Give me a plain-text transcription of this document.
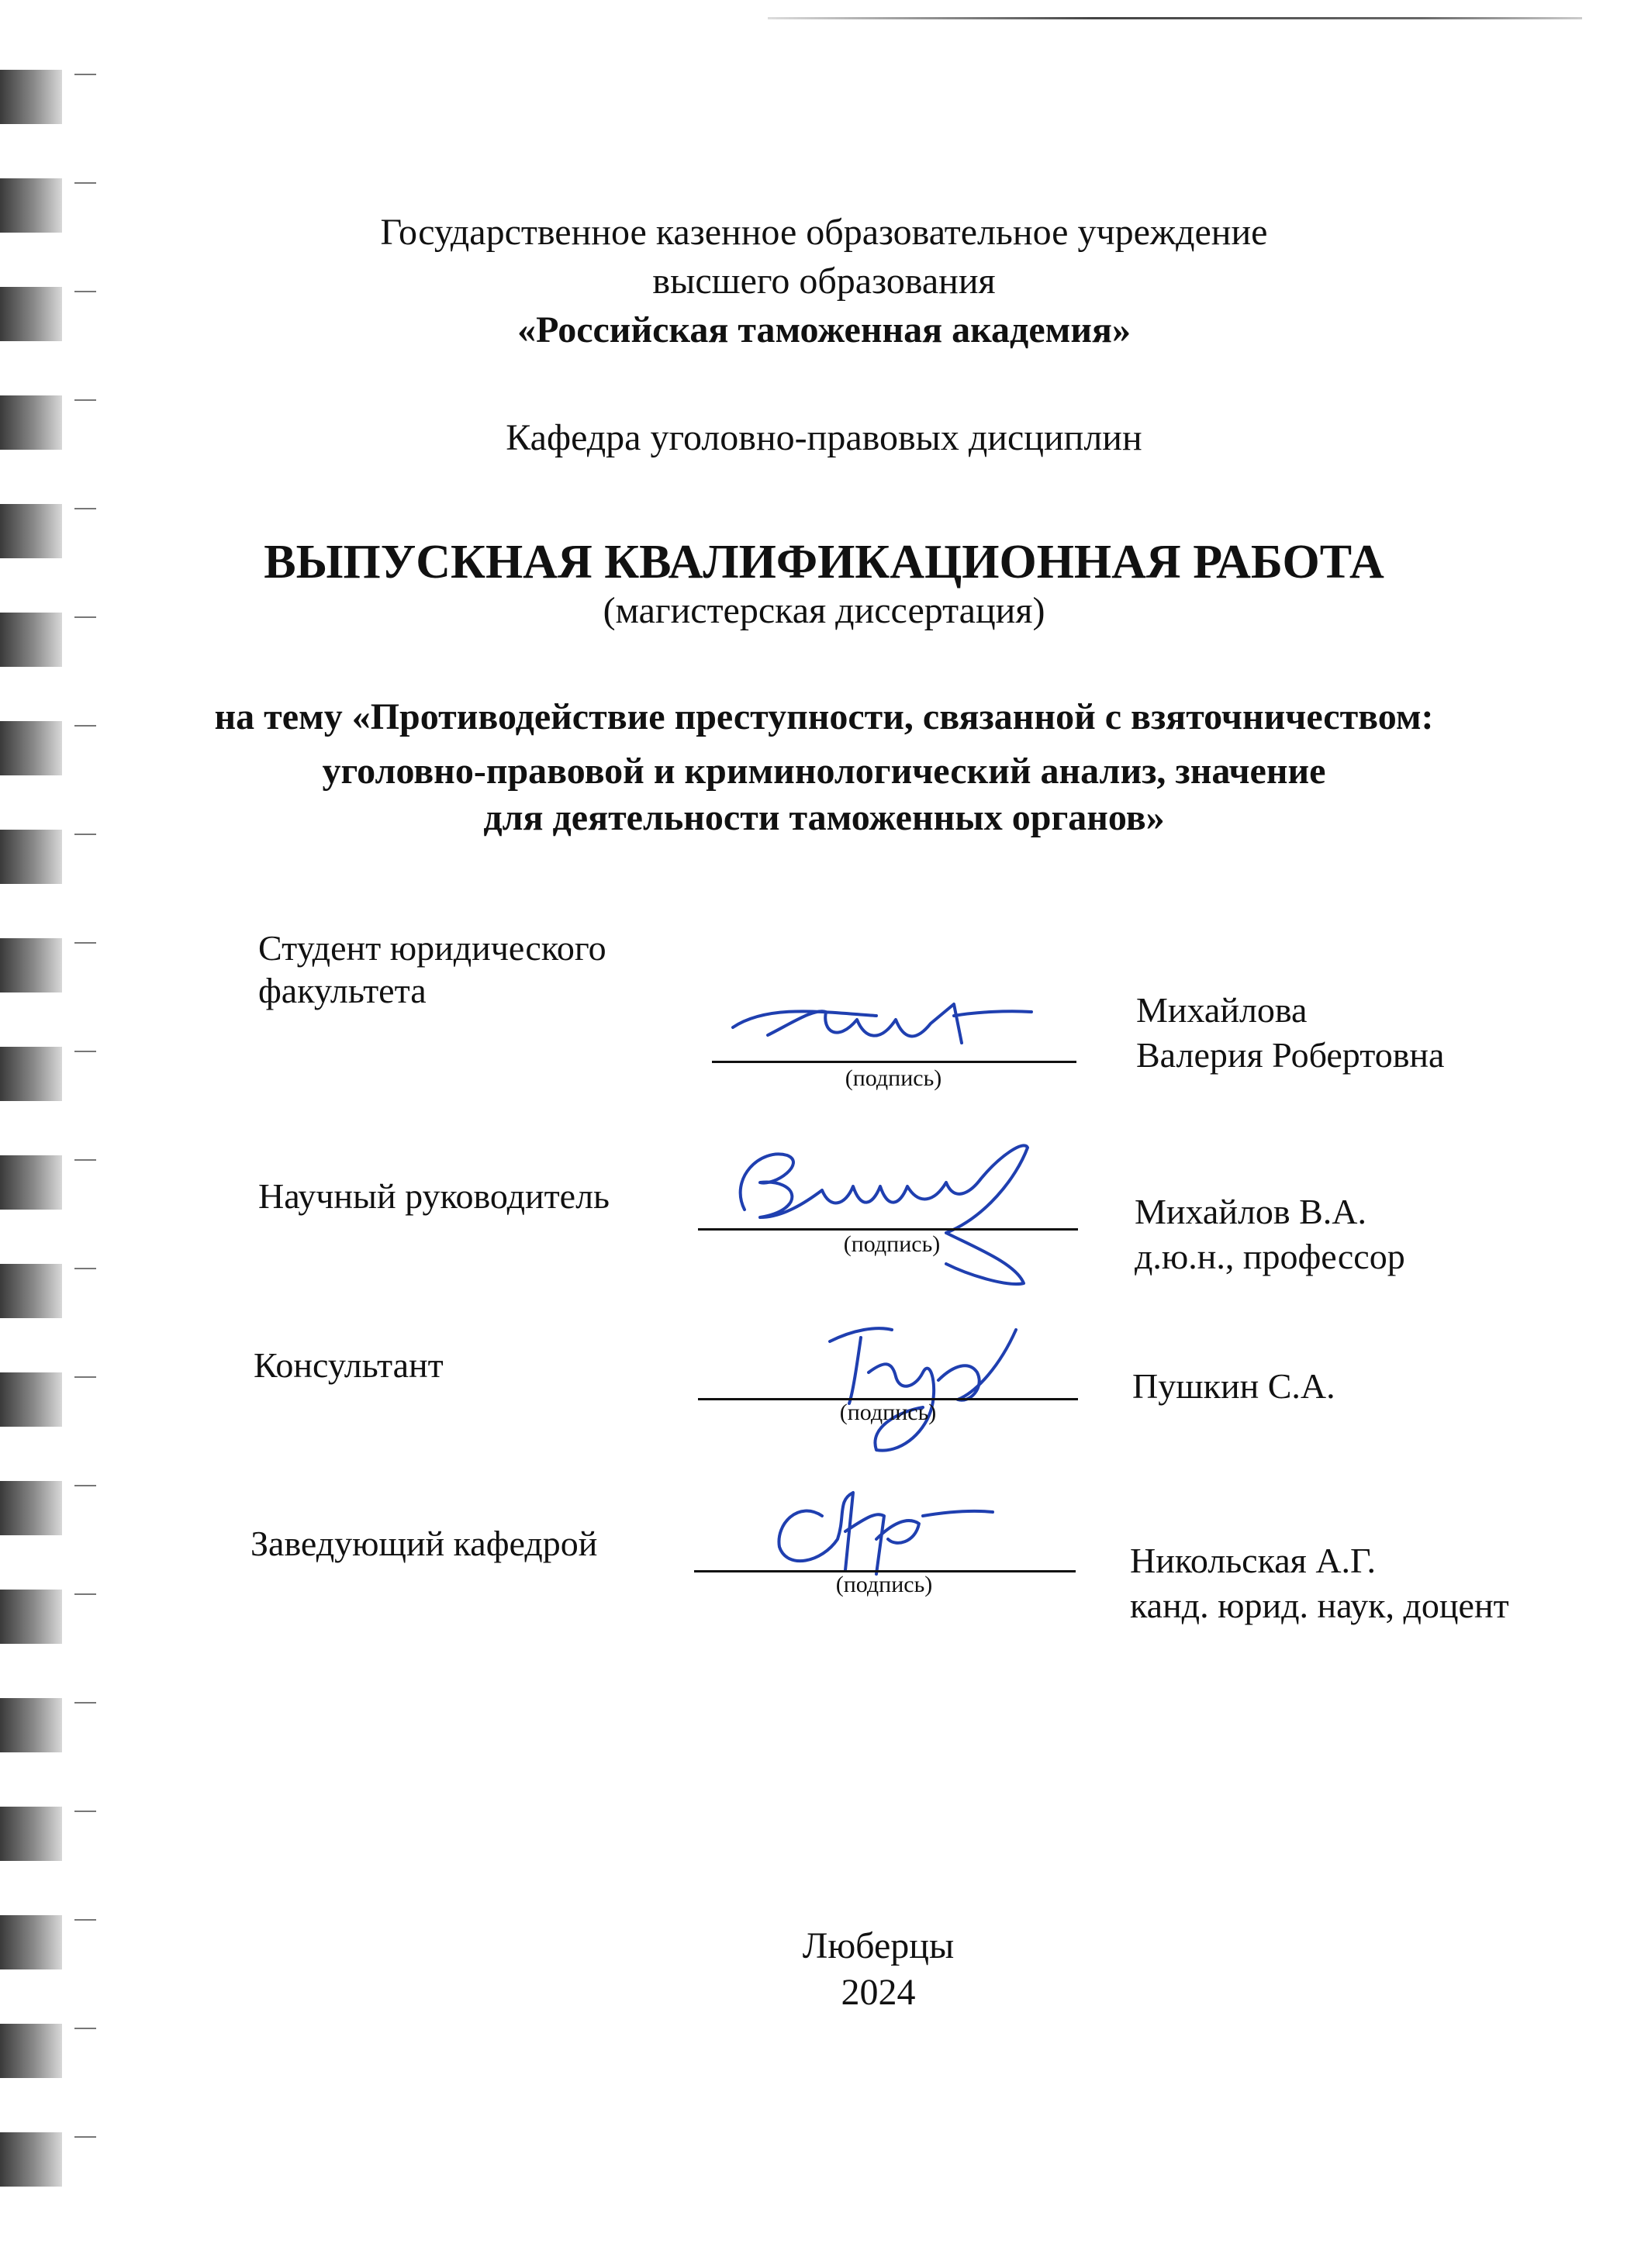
Государственное казенное образовательное учреждение
высшего образования
«Российская таможенная академия»
Кафедра уголовно-правовых дисциплин
ВЫПУСКНАЯ КВАЛИФИКАЦИОННАЯ РАБОТА
(магистерская диссертация)
на тему «Противодействие преступности, связанной с взяточничеством:
уголовно-правовой и криминологический анализ, значение
для деятельности таможенных органов»
Студент юридического
факультета
(подпись)
Михайлова
Валерия Робертовна
Научный руководитель
(подпись)
Михайлов В.А.
д.ю.н., профессор
Консультант
(подпись)
Пушкин С.А.
Заведующий кафедрой
(подпись)
Никольская А.Г.
канд. юрид. наук, доцент
Люберцы
2024
